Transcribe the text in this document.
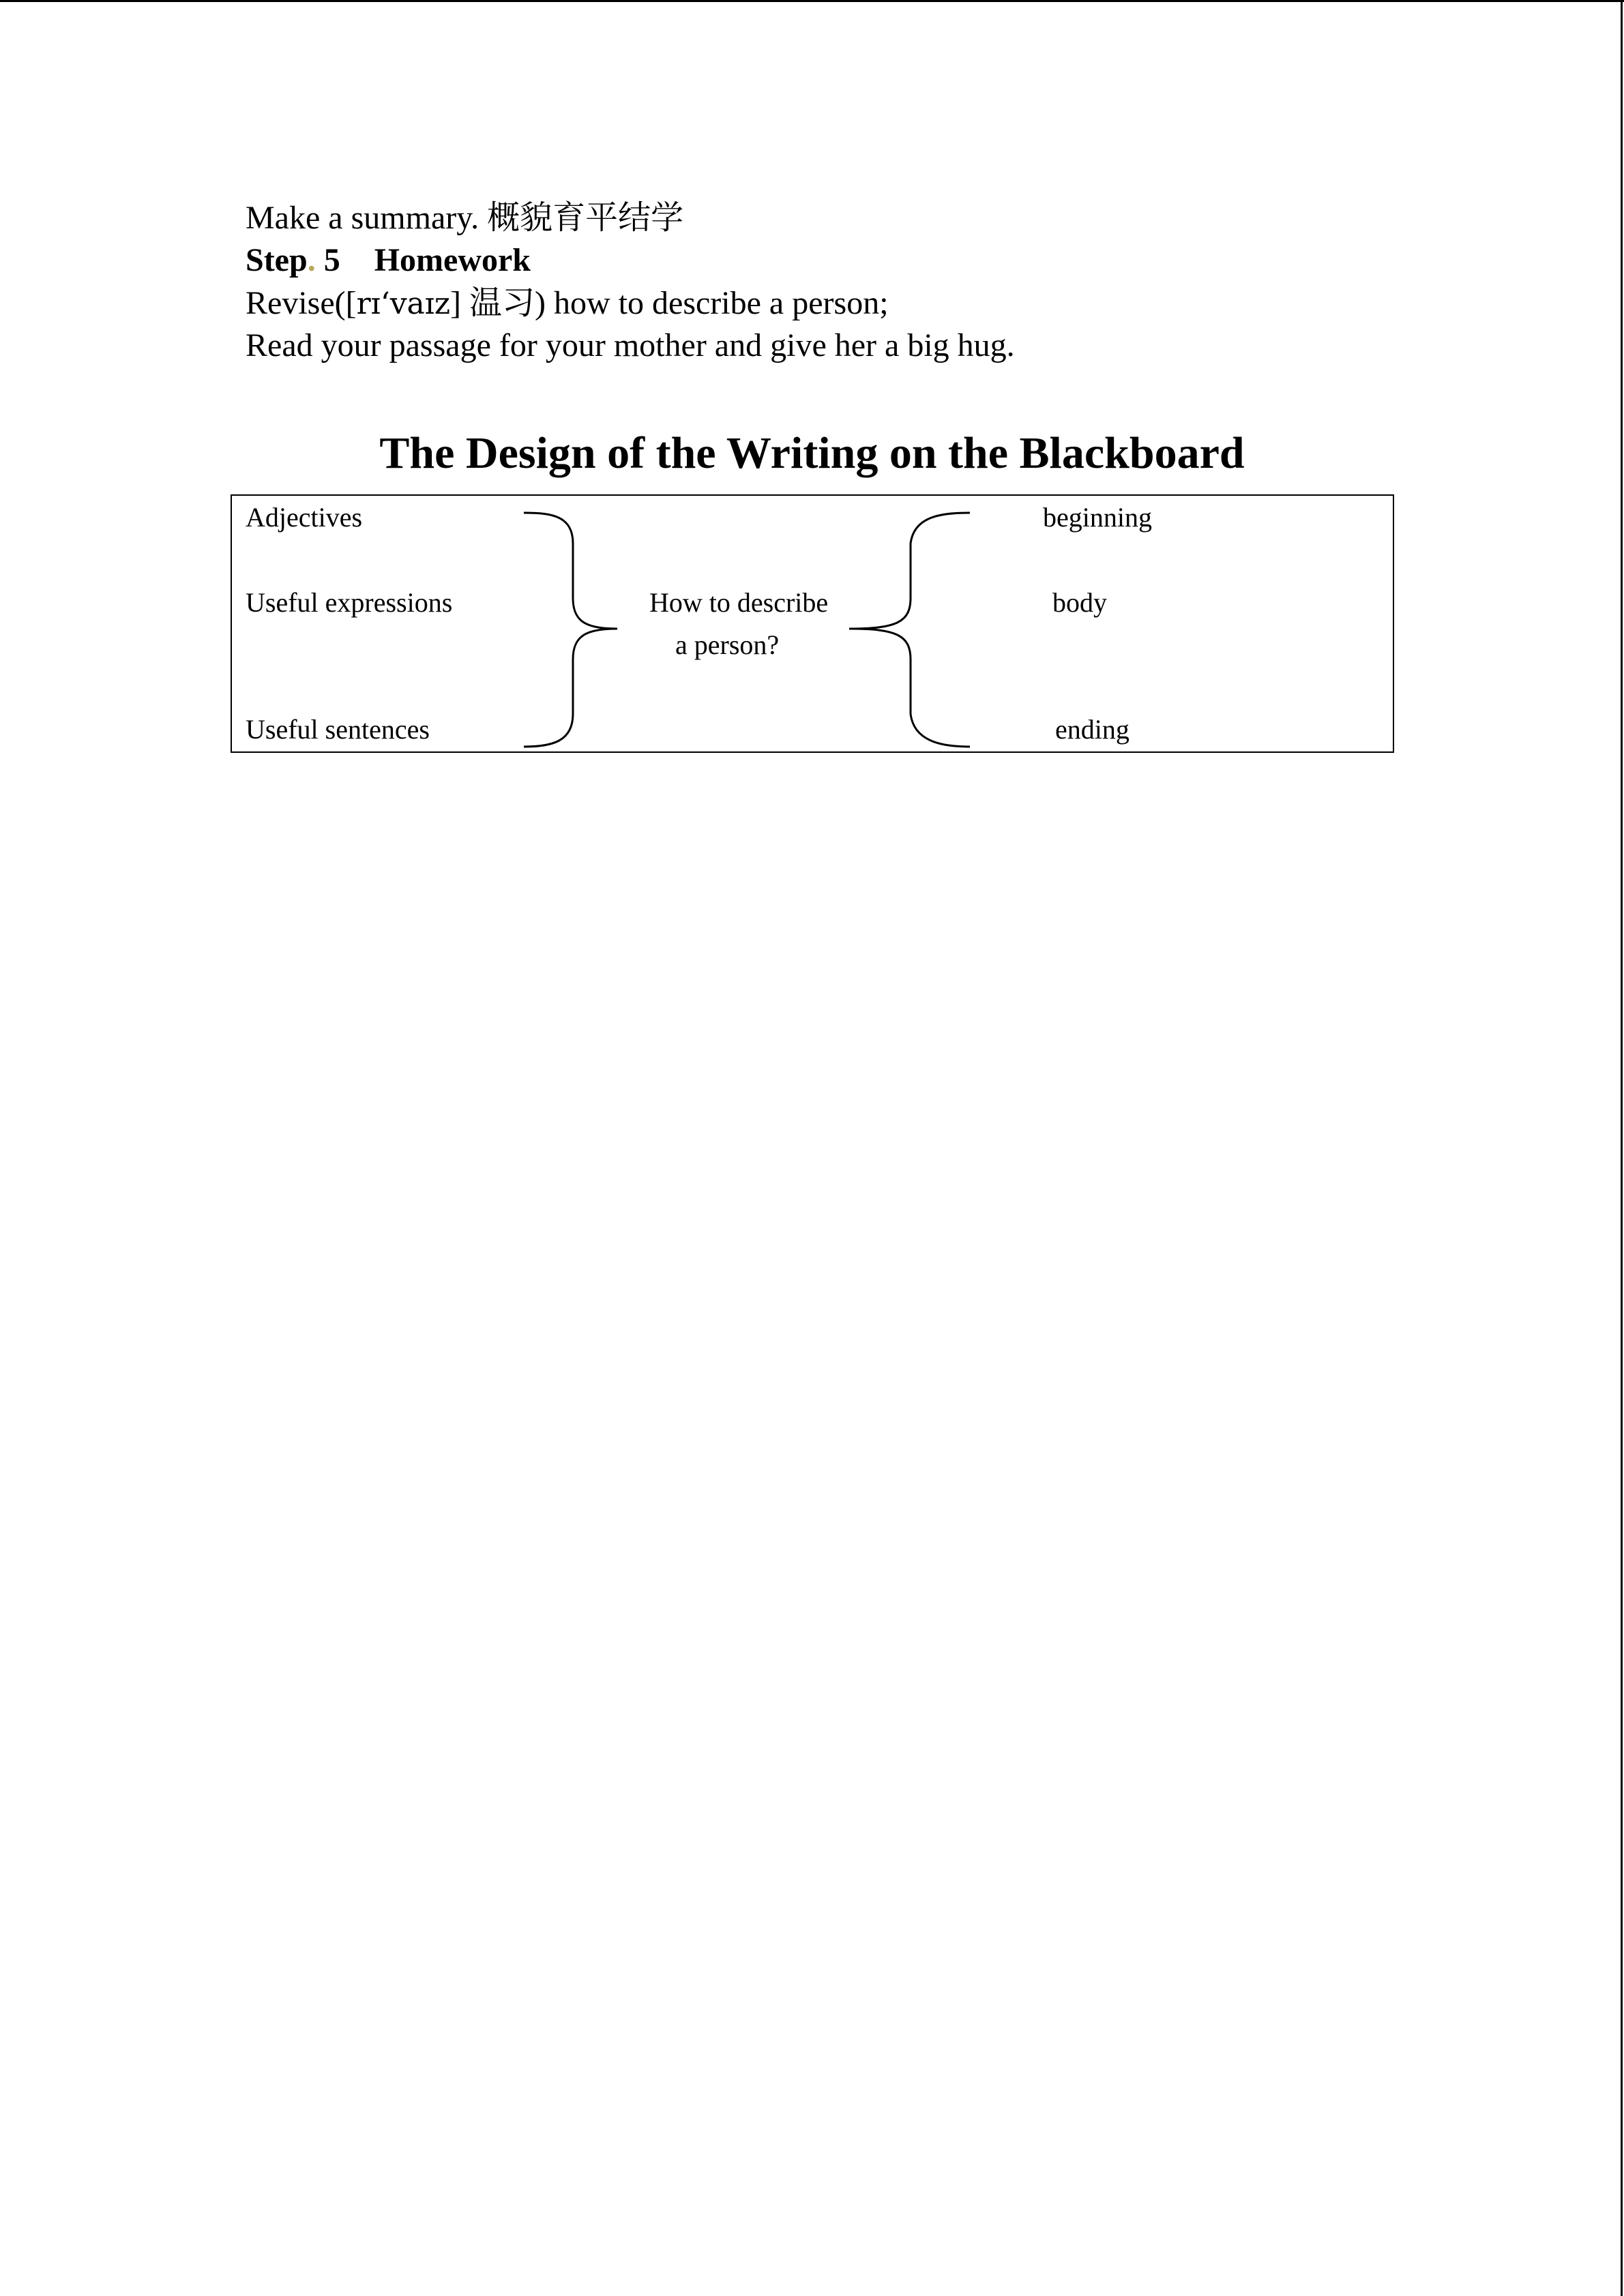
Make a summary. 概貌育平结学
Step. 5 Homework
Revise([rɪ‘vaɪz] 温习) how to describe a person;
Read your passage for your mother and give her a big hug.
The Design of the Writing on the Blackboard
Adjectives
Useful expressions
Useful sentences
How to describe
a person?
beginning
body
ending
